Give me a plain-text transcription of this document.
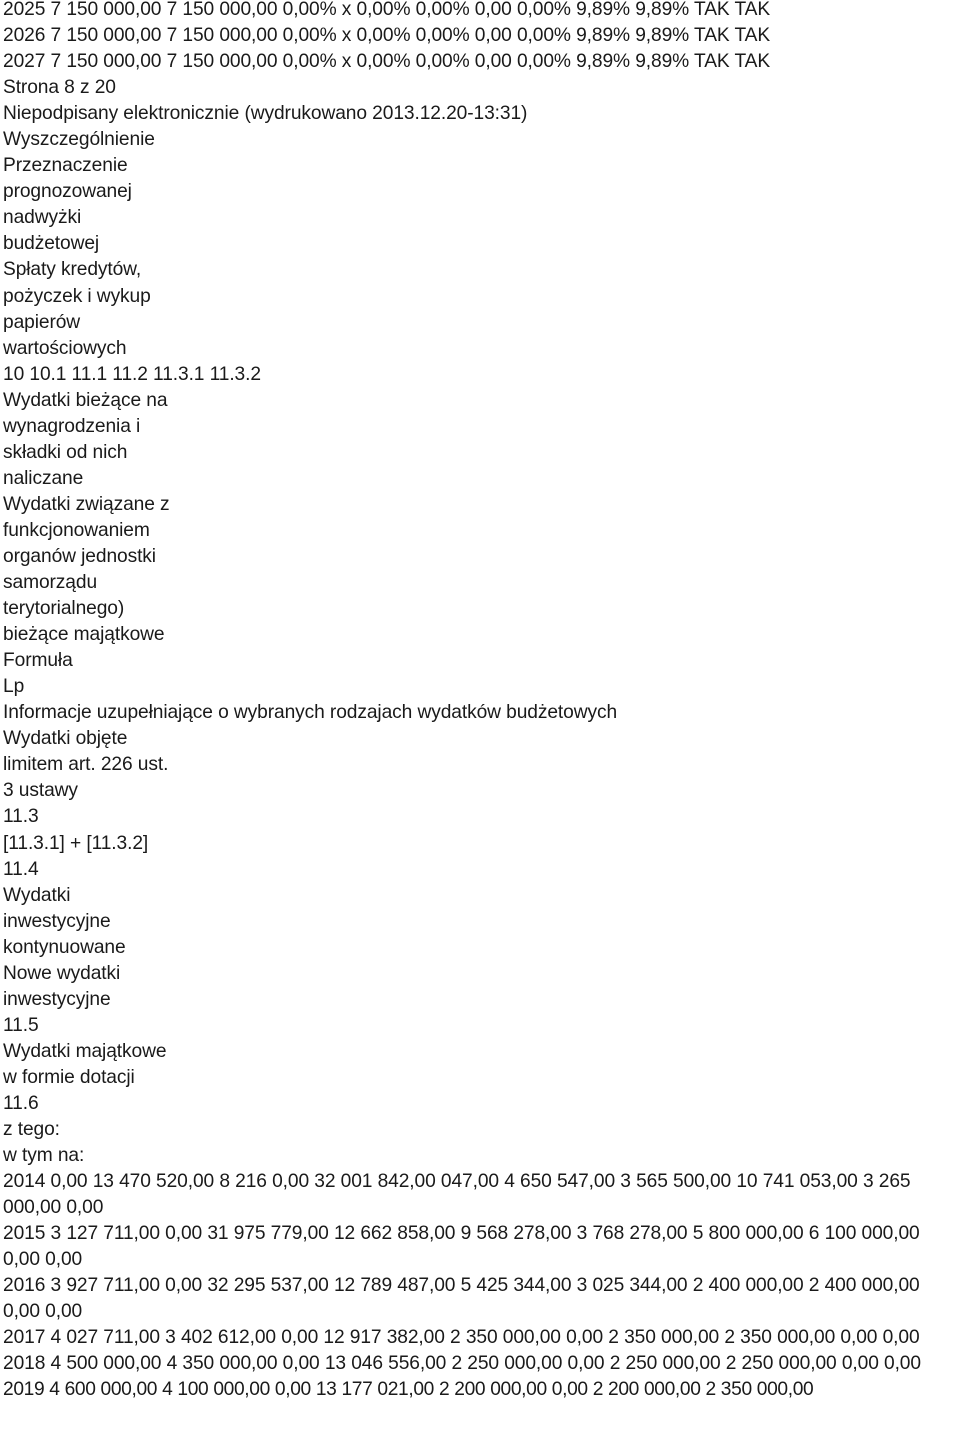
2025 7 150 000,00 7 150 000,00 0,00% x 0,00% 0,00% 0,00 0,00% 9,89% 9,89% TAK TAK
2026 7 150 000,00 7 150 000,00 0,00% x 0,00% 0,00% 0,00 0,00% 9,89% 9,89% TAK TAK
2027 7 150 000,00 7 150 000,00 0,00% x 0,00% 0,00% 0,00 0,00% 9,89% 9,89% TAK TAK
Strona 8 z 20
Niepodpisany elektronicznie (wydrukowano 2013.12.20-13:31)
Wyszczególnienie
Przeznaczenie
prognozowanej
nadwyżki
budżetowej
Spłaty kredytów,
pożyczek i wykup
papierów
wartościowych
10 10.1 11.1 11.2 11.3.1 11.3.2
Wydatki bieżące na
wynagrodzenia i
składki od nich
naliczane
Wydatki związane z
funkcjonowaniem
organów jednostki
samorządu
terytorialnego)
bieżące majątkowe
Formuła
Lp
Informacje uzupełniające o wybranych rodzajach wydatków budżetowych
Wydatki objęte
limitem art. 226 ust.
3 ustawy
11.3
[11.3.1] + [11.3.2]
11.4
Wydatki
inwestycyjne
kontynuowane
Nowe wydatki
inwestycyjne
11.5
Wydatki majątkowe
w formie dotacji
11.6
z tego:
w tym na:
2014 0,00 13 470 520,00 8 216 0,00 32 001 842,00 047,00 4 650 547,00 3 565 500,00 10 741 053,00 3 265 000,00 0,00
2015 3 127 711,00 0,00 31 975 779,00 12 662 858,00 9 568 278,00 3 768 278,00 5 800 000,00 6 100 000,00 0,00 0,00
2016 3 927 711,00 0,00 32 295 537,00 12 789 487,00 5 425 344,00 3 025 344,00 2 400 000,00 2 400 000,00 0,00 0,00
2017 4 027 711,00 3 402 612,00 0,00 12 917 382,00 2 350 000,00 0,00 2 350 000,00 2 350 000,00 0,00 0,00
2018 4 500 000,00 4 350 000,00 0,00 13 046 556,00 2 250 000,00 0,00 2 250 000,00 2 250 000,00 0,00 0,00
2019 4 600 000,00 4 100 000,00 0,00 13 177 021,00 2 200 000,00 0,00 2 200 000,00 2 350 000,00
